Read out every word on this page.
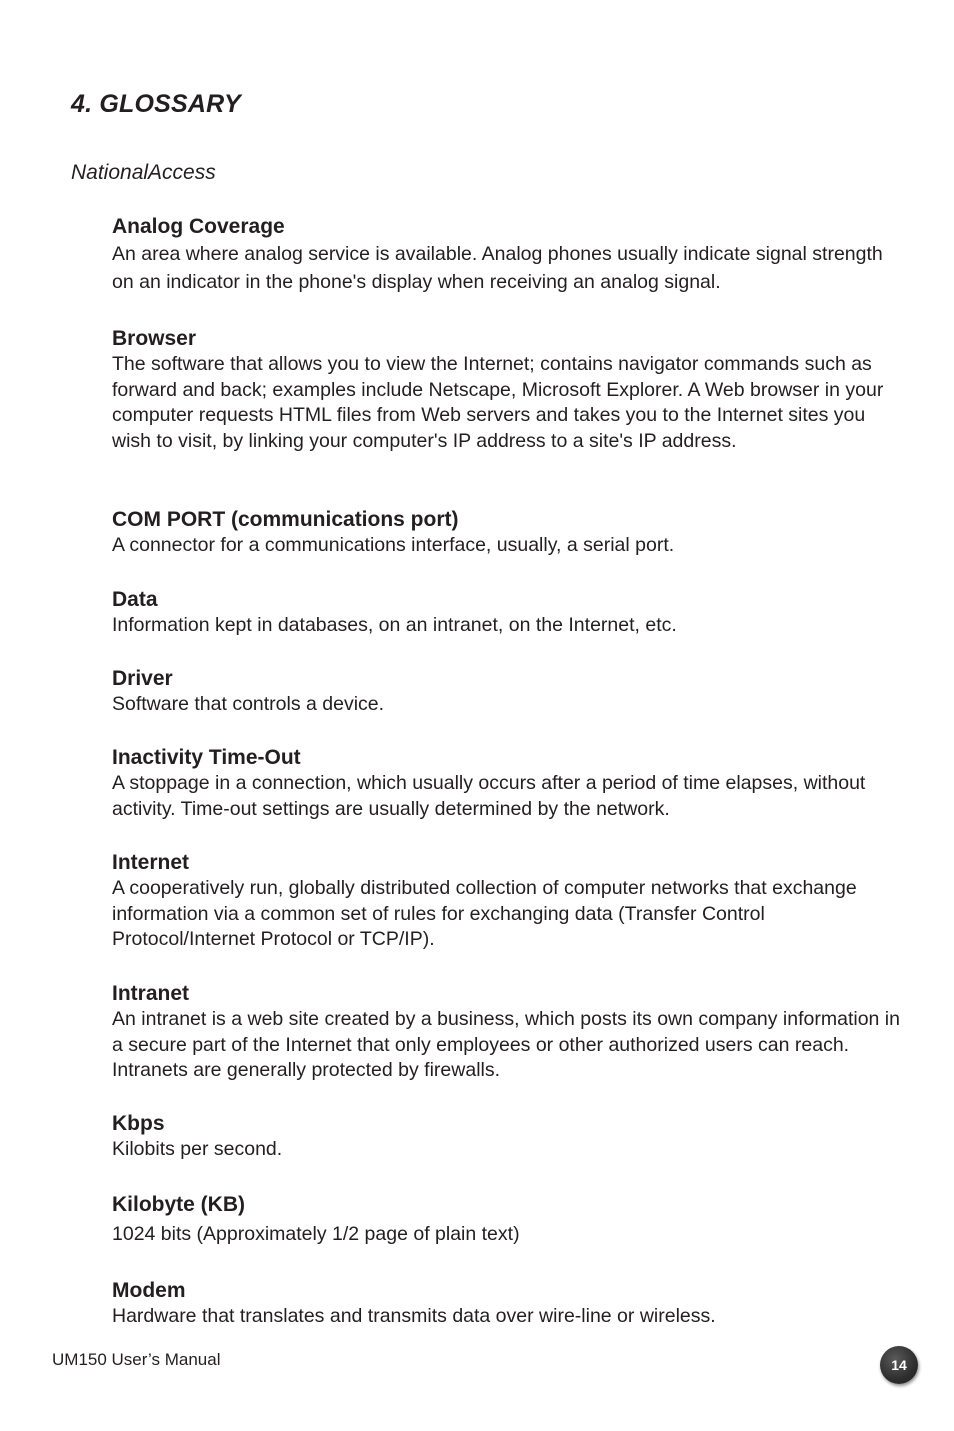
4. GLOSSARY
NationalAccess

Analog Coverage

An area where analog service is available. Analog phones usually indicate signal strength on an indicator in the phone's display when receiving an analog signal.

Browser

The software that allows you to view the Internet; contains navigator commands such as forward and back; examples include Netscape, Microsoft Explorer. A Web browser in your computer requests HTML files from Web servers and takes you to the Internet sites you wish to visit, by linking your computer's IP address to a site's IP address.

COM PORT (communications port)

A connector for a communications interface, usually, a serial port.

Data

Information kept in databases, on an intranet, on the Internet, etc.

Driver

Software that controls a device.

Inactivity Time-Out

A stoppage in a connection, which usually occurs after a period of time elapses, without activity. Time-out settings are usually determined by the network.

Internet

A cooperatively run, globally distributed collection of computer networks that exchange information via a common set of rules for exchanging data (Transfer Control Protocol/Internet Protocol or TCP/IP).

Intranet

An intranet is a web site created by a business, which posts its own company information in a secure part of the Internet that only employees or other authorized users can reach. Intranets are generally protected by firewalls.

Kbps

Kilobits per second.

Kilobyte (KB)

1024 bits (Approximately 1/2 page of plain text)

Modem

Hardware that translates and transmits data over wire-line or wireless.

UM150 User’s Manual	14
